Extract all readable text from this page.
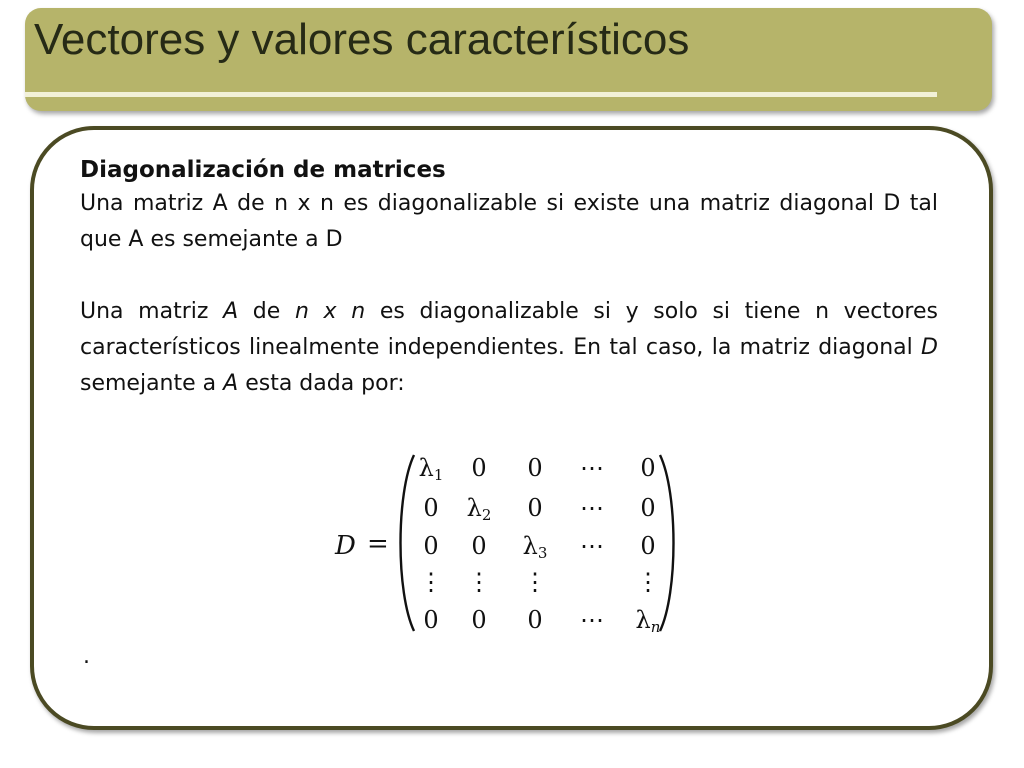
Vectores y valores característicos
Diagonalización de matrices

Una matriz A de n x n es diagonalizable si existe una matriz diagonal D tal que A es semejante a D

Una matriz A de n x n es diagonalizable si y solo si tiene n vectores característicos linealmente independientes. En tal caso, la matriz diagonal D semejante a A esta dada por:

D =
$\lambda_1$ 0 0 ⋯ 0
0 $\lambda_2$ 0 ⋯ 0
0 0 $\lambda_3$ ⋯ 0
⋮ ⋮ ⋮	⋮
0 0 0 ⋯ $\lambda_n$
.
